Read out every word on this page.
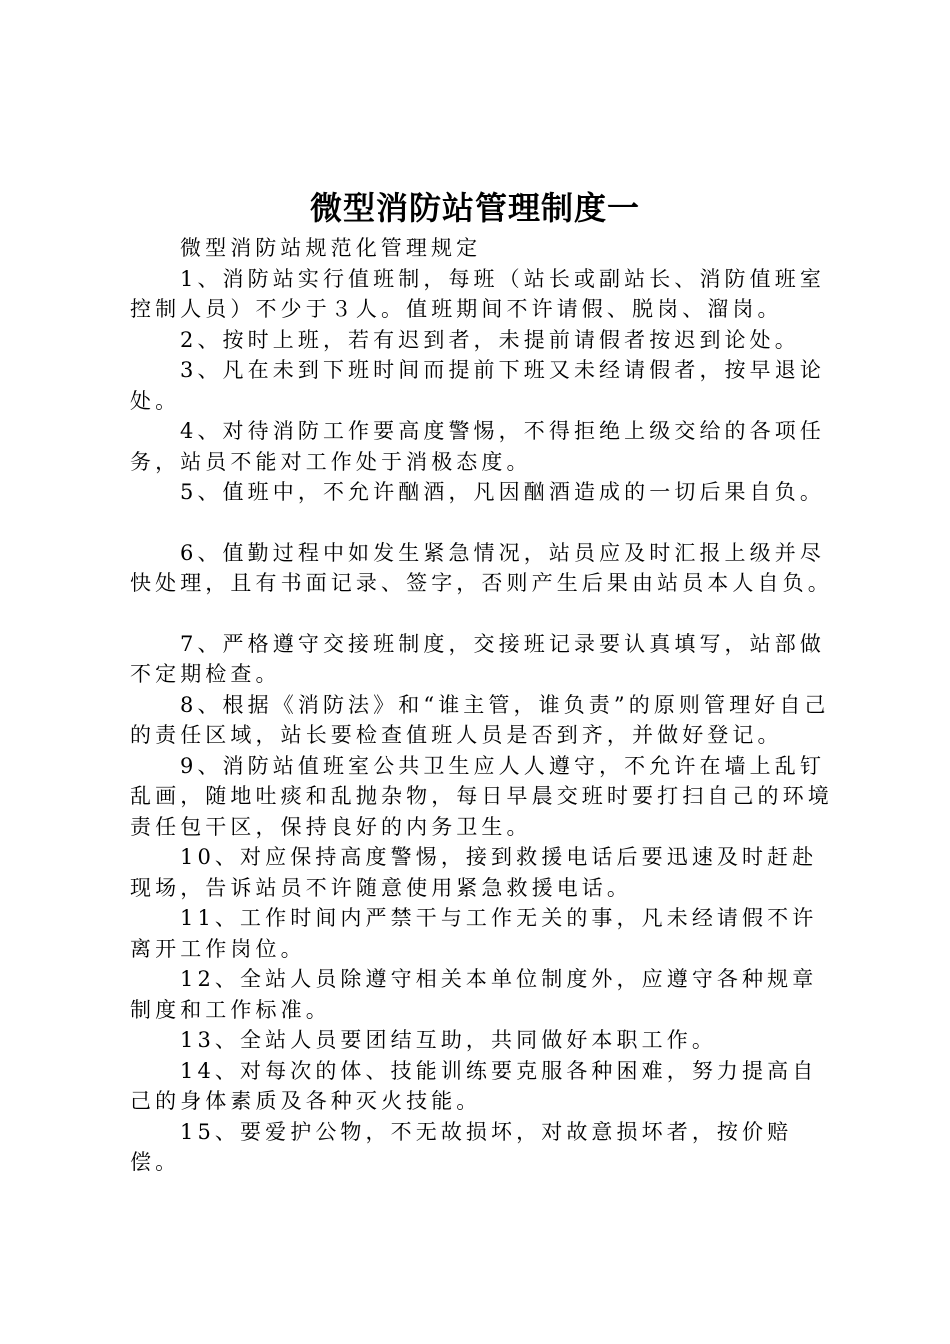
微型消防站管理制度一

微型消防站规范化管理规定

1、消防站实行值班制，每班（站长或副站长、消防值班室控制人员）不少于３人。值班期间不许请假、脱岗、溜岗。

2、按时上班，若有迟到者，未提前请假者按迟到论处。

3、凡在未到下班时间而提前下班又未经请假者，按早退论处。

4、对待消防工作要高度警惕，不得拒绝上级交给的各项任务，站员不能对工作处于消极态度。

5、值班中，不允许酗酒，凡因酗酒造成的一切后果自负。

6、值勤过程中如发生紧急情况，站员应及时汇报上级并尽快处理，且有书面记录、签字，否则产生后果由站员本人自负。

7、严格遵守交接班制度，交接班记录要认真填写，站部做不定期检查。

8、根据《消防法》和“谁主管，谁负责”的原则管理好自己的责任区域，站长要检查值班人员是否到齐，并做好登记。

9、消防站值班室公共卫生应人人遵守，不允许在墙上乱钉乱画，随地吐痰和乱抛杂物，每日早晨交班时要打扫自己的环境责任包干区，保持良好的内务卫生。

10、对应保持高度警惕，接到救援电话后要迅速及时赶赴现场，告诉站员不许随意使用紧急救援电话。

11、工作时间内严禁干与工作无关的事，凡未经请假不许离开工作岗位。

12、全站人员除遵守相关本单位制度外，应遵守各种规章制度和工作标准。

13、全站人员要团结互助，共同做好本职工作。

14、对每次的体、技能训练要克服各种困难，努力提高自己的身体素质及各种灭火技能。

15、要爱护公物，不无故损坏，对故意损坏者，按价赔偿。
